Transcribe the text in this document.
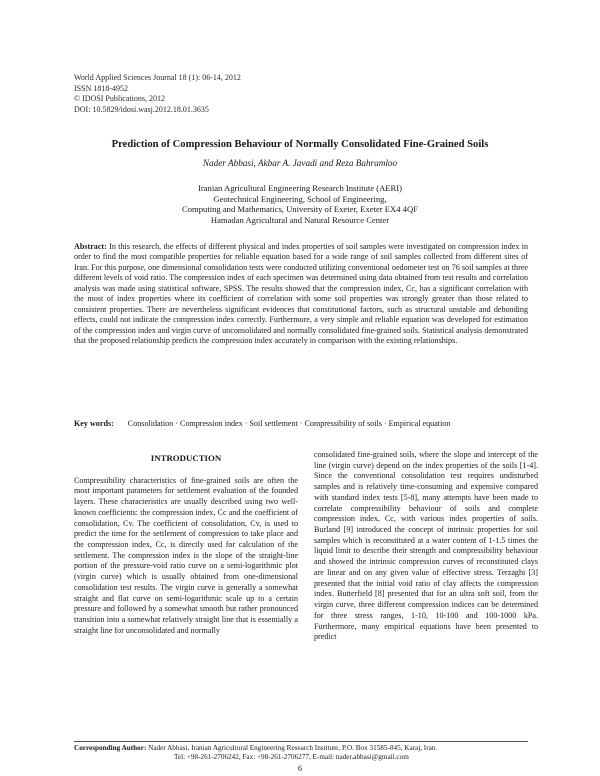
World Applied Sciences Journal 18 (1): 06-14, 2012
ISSN 1818-4952
© IDOSI Publications, 2012
DOI: 10.5829/idosi.wasj.2012.18.01.3635
Prediction of Compression Behaviour of Normally Consolidated Fine-Grained Soils
Nader Abbasi, Akbar A. Javadi and Reza Bahramloo
Iranian Agricultural Engineering Research Institute (AERI)
Geotechnical Engineering, School of Engineering,
Computing and Mathematics, University of Exeter, Exeter EX4 4QF
Hamadan Agricultural and Natural Resource Center
Abstract: In this research, the effects of different physical and index properties of soil samples were investigated on compression index in order to find the most compatible properties for reliable equation based for a wide range of soil samples collected from different sites of Iran. For this purpose, one dimensional consolidation tests were conducted utilizing conventional oedometer test on 76 soil samples at three different levels of void ratio. The compression index of each specimen was determined using data obtained from test results and correlation analysis was made using statistical software, SPSS. The results showed that the compression index, Cc, has a significant correlation with the most of index properties where its coefficient of correlation with some soil properties was strongly greater than those related to consistent properties. There are nevertheless significant evidences that constitutional factors, such as structural unstable and debonding effects, could not indicate the compression index correctly. Furthermore, a very simple and reliable equation was developed for estimation of the compression index and virgin curve of unconsolidated and normally consolidated fine-grained soils. Statistical analysis demonstrated that the proposed relationship predicts the compression index accurately in comparison with the existing relationships.
Key words: Consolidation · Compression index · Soil settlement · Compressibility of soils · Empirical equation

INTRODUCTION

Compressibility characteristics of fine-grained soils are often the most important parameters for settlement evaluation of the founded layers. These characteristics are usually described using two well-known coefficients: the compression index, Cc and the coefficient of consolidation, Cv. The coefficient of consolidation, Cv, is used to predict the time for the settlement of compression to take place and the compression index, Cc, is directly used for calculation of the settlement. The compression index is the slope of the straight-line portion of the pressure-void ratio curve on a semi-logarithmic plot (virgin curve) which is usually obtained from one-dimensional consolidation test results. The virgin curve is generally a somewhat straight and flat curve on semi-logarithmic scale up to a certain pressure and followed by a somewhat smooth but rather pronounced transition into a somewhat relatively straight line that is essentially a straight line for unconsolidated and normally

consolidated fine-grained soils, where the slope and intercept of the line (virgin curve) depend on the index properties of the soils [1-4]. Since the conventional consolidation test requires undisturbed samples and is relatively time-consuming and expensive compared with standard index tests [5-8], many attempts have been made to correlate compressibility behaviour of soils and complete compression index, Cc, with various index properties of soils. Burland [9] introduced the concept of intrinsic properties for soil samples which is reconstituted at a water content of 1-1.5 times the liquid limit to describe their strength and compressibility behaviour and showed the intrinsic compression curves of reconstituted clays are linear and on any given value of effective stress. Terzaghi [3] presented that the initial void ratio of clay affects the compression index. Butterfield [8] presented that for an ultra soft soil, from the virgin curve, three different compression indices can be determined for three stress ranges, 1-10, 10-100 and 100-1000 kPa. Furthermore, many empirical equations have been presented to predict

Corresponding Author: Nader Abbasi, Iranian Agricultural Engineering Research Institute, P.O. Box 31585-845, Karaj, Iran.
Tel: +98-261-2706242, Fax: +98-261-2706277, E-mail: nader.abbasi@gmail.com
6
